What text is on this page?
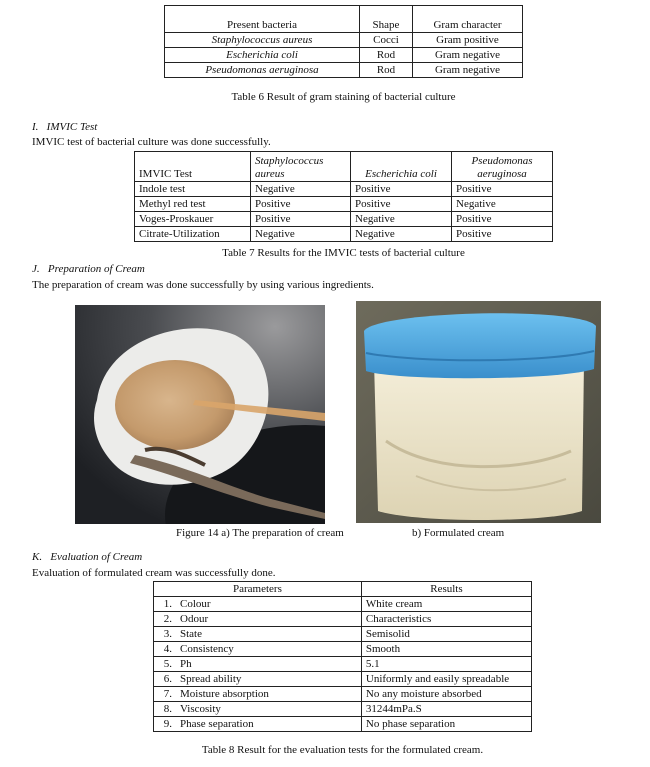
Present bacteria	Shape	Gram character
Staphylococcus aureus	Cocci	Gram positive
Escherichia coli	Rod	Gram negative
Pseudomonas aeruginosa	Rod	Gram negative
Table 6 Result of gram staining of bacterial culture
I.   IMVIC Test
IMVIC test of bacterial culture was done successfully.
IMVIC Test	Staphylococcus aureus	Escherichia coli	Pseudomonas aeruginosa
Indole test	Negative	Positive	Positive
Methyl red test	Positive	Positive	Negative
Voges-Proskauer	Positive	Negative	Positive
Citrate-Utilization	Negative	Negative	Positive
Table 7 Results for the IMVIC tests of bacterial culture
J.   Preparation of Cream
The preparation of cream was done successfully by using various ingredients.
Figure 14 a) The preparation of cream	b) Formulated cream
K.   Evaluation of Cream
Evaluation of formulated cream was successfully done.
Parameters		Results
1.	Colour	White cream
2.	Odour	Characteristics
3.	State	Semisolid
4.	Consistency	Smooth
5.	Ph	5.1
6.	Spread ability	Uniformly and easily spreadable
7.	Moisture absorption	No any moisture absorbed
8.	Viscosity	31244mPa.S
9.	Phase separation	No phase separation
Table 8 Result for the evaluation tests for the formulated cream.
